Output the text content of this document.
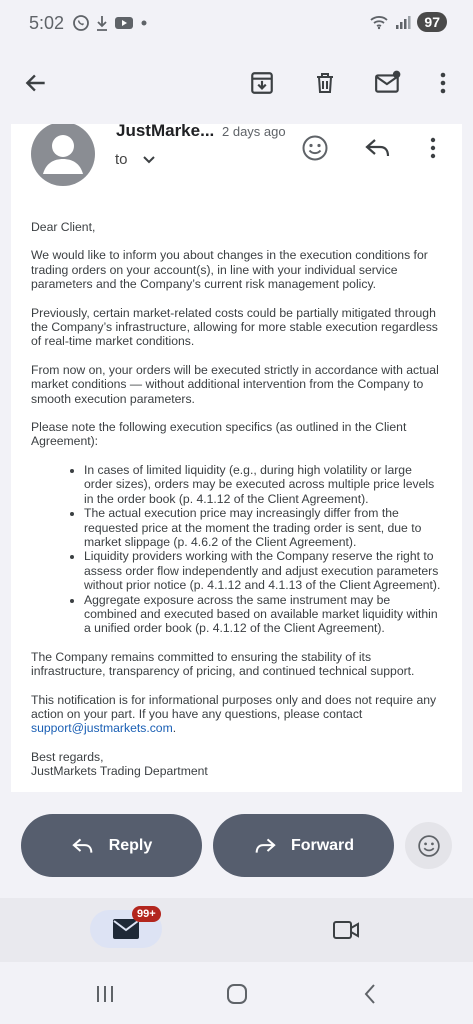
5:02	97
JustMarke... 2 days ago
to

Dear Client,

We would like to inform you about changes in the execution conditions for trading orders on your account(s), in line with your individual service parameters and the Company’s current risk management policy.

Previously, certain market-related costs could be partially mitigated through the Company’s infrastructure, allowing for more stable execution regardless of real-time market conditions.

From now on, your orders will be executed strictly in accordance with actual market conditions — without additional intervention from the Company to smooth execution parameters.

Please note the following execution specifics (as outlined in the Client Agreement):

• In cases of limited liquidity (e.g., during high volatility or large order sizes), orders may be executed across multiple price levels in the order book (p. 4.1.12 of the Client Agreement).
• The actual execution price may increasingly differ from the requested price at the moment the trading order is sent, due to market slippage (p. 4.6.2 of the Client Agreement).
• Liquidity providers working with the Company reserve the right to assess order flow independently and adjust execution parameters without prior notice (p. 4.1.12 and 4.1.13 of the Client Agreement).
• Aggregate exposure across the same instrument may be combined and executed based on available market liquidity within a unified order book (p. 4.1.12 of the Client Agreement).

The Company remains committed to ensuring the stability of its infrastructure, transparency of pricing, and continued technical support.

This notification is for informational purposes only and does not require any action on your part. If you have any questions, please contact support@justmarkets.com.

Best regards,
JustMarkets Trading Department

Reply	Forward
99+
